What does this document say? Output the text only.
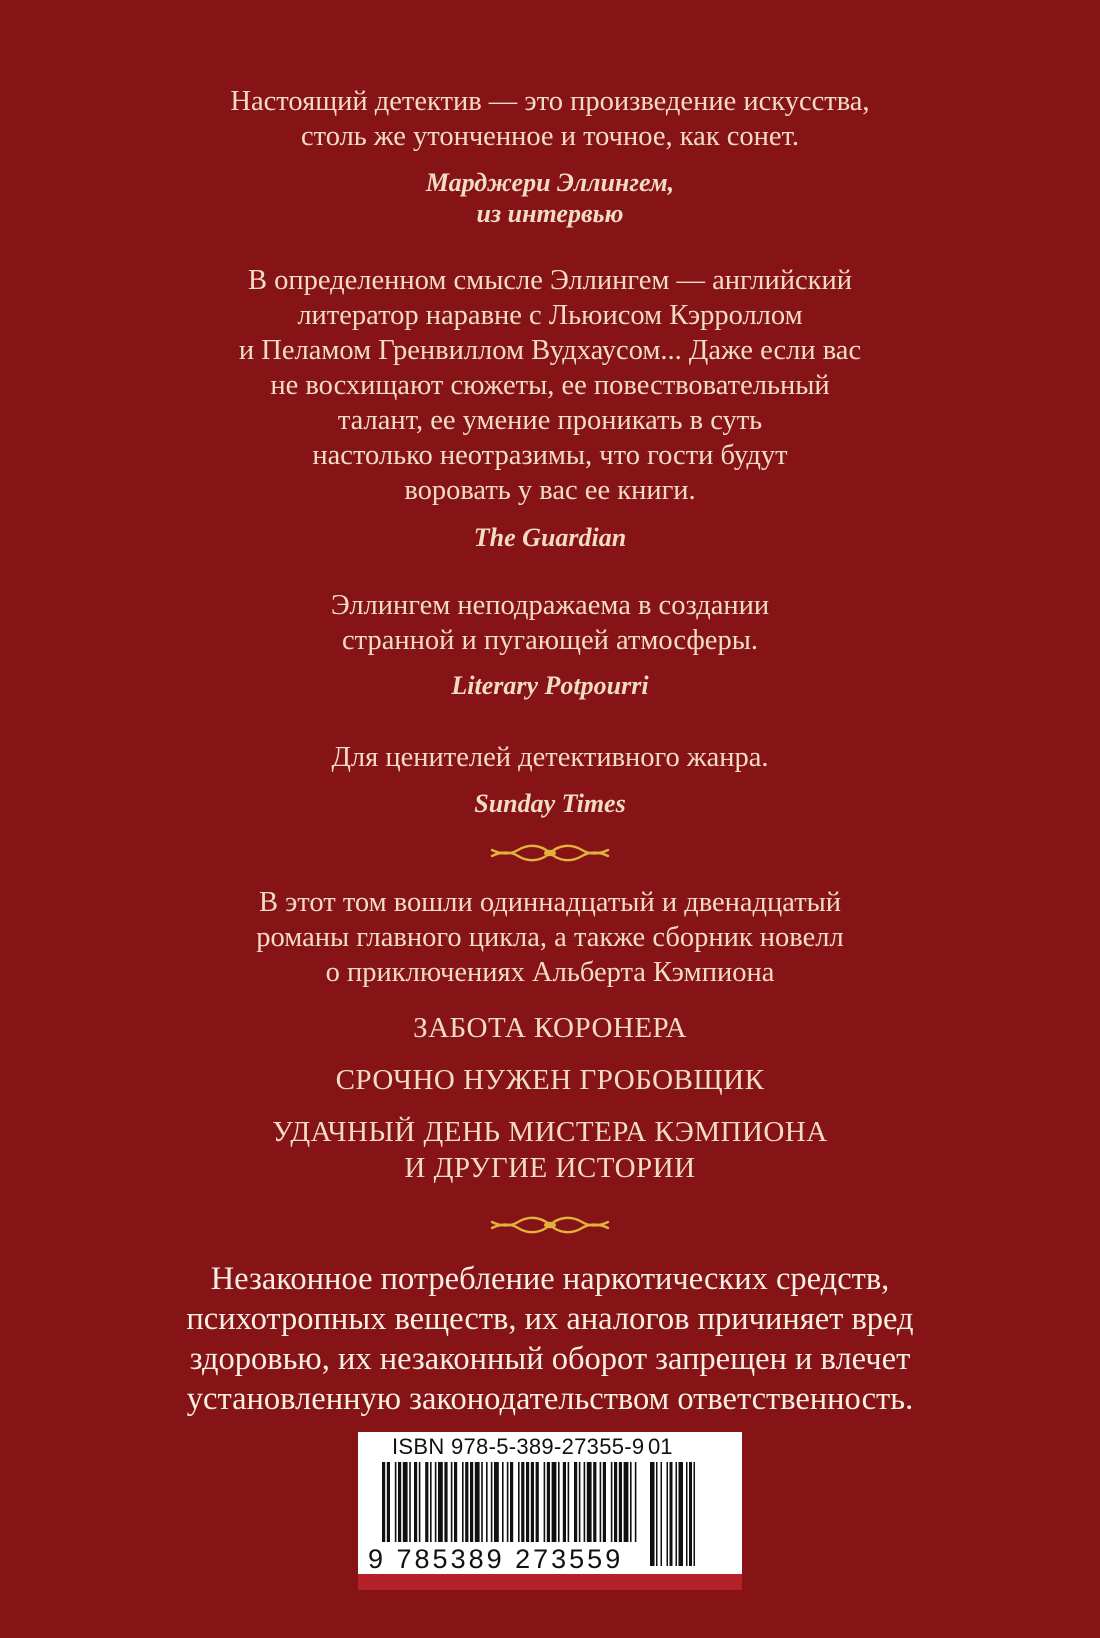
Настоящий детектив — это произведение искусства,
столь же утонченное и точное, как сонет.
Марджери Эллингем,
из интервью
В определенном смысле Эллингем — английский
литератор наравне с Льюисом Кэрроллом
и Пеламом Гренвиллом Вудхаусом... Даже если вас
не восхищают сюжеты, ее повествовательный
талант, ее умение проникать в суть
настолько неотразимы, что гости будут
воровать у вас ее книги.
The Guardian
Эллингем неподражаема в создании
странной и пугающей атмосферы.
Literary Potpourri
Для ценителей детективного жанра.
Sunday Times
В этот том вошли одиннадцатый и двенадцатый
романы главного цикла, а также сборник новелл
о приключениях Альберта Кэмпиона
ЗАБОТА КОРОНЕРА
СРОЧНО НУЖЕН ГРОБОВЩИК
УДАЧНЫЙ ДЕНЬ МИСТЕРА КЭМПИОНА
И ДРУГИЕ ИСТОРИИ
Незаконное потребление наркотических средств,
психотропных веществ, их аналогов причиняет вред
здоровью, их незаконный оборот запрещен и влечет
установленную законодательством ответственность.
ISBN 978-5-389-27355-9 01
9 785389 273559
